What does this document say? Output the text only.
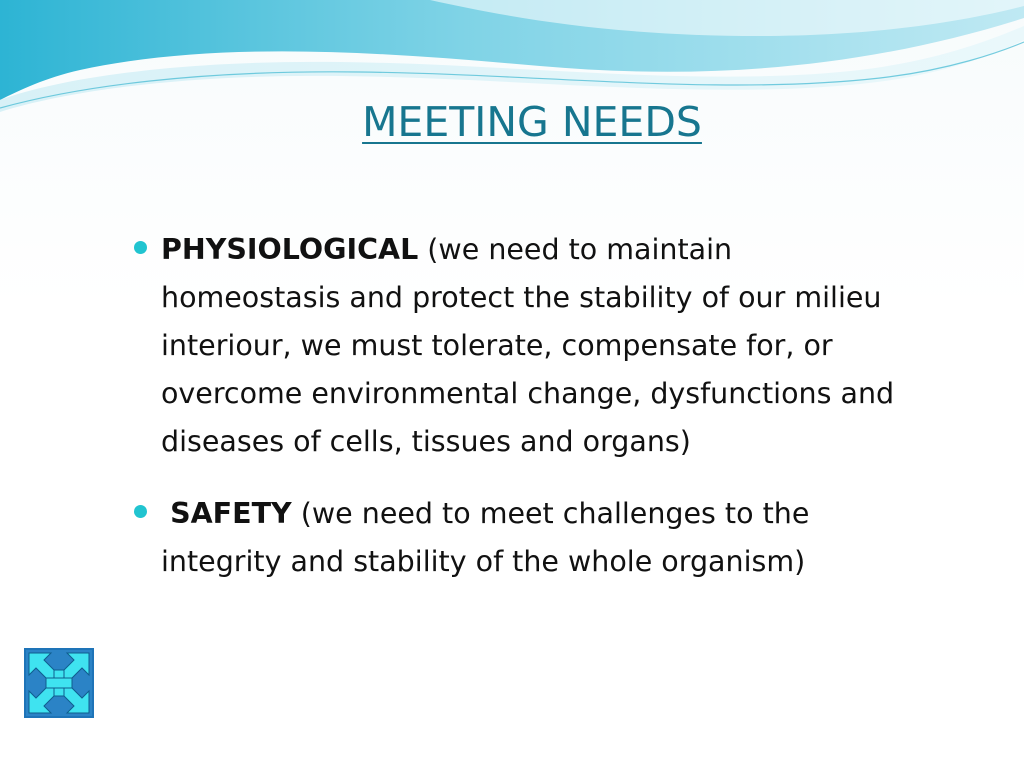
MEETING NEEDS
PHYSIOLOGICAL (we need to maintain homeostasis and protect the stability of our milieu interiour, we must tolerate, compensate for, or overcome environmental change, dysfunctions and diseases of cells, tissues and organs)
SAFETY (we need to meet challenges to the integrity and stability of the whole organism)
